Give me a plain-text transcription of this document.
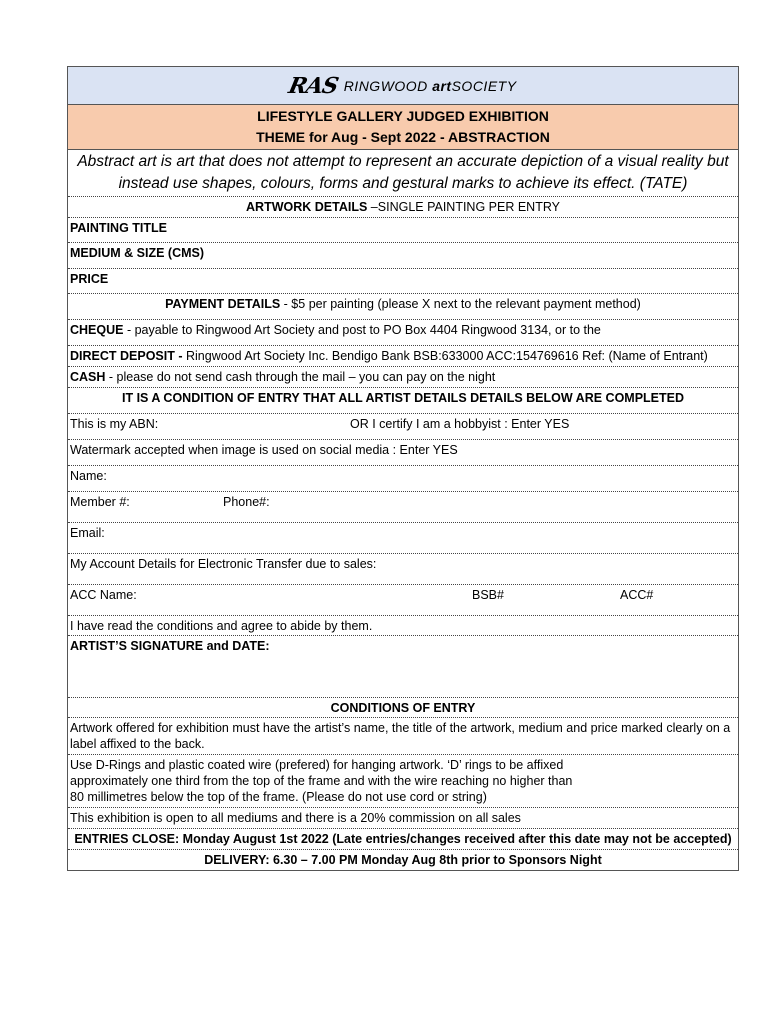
RAS RINGWOOD artSOCIETY
LIFESTYLE GALLERY JUDGED EXHIBITION
THEME for Aug - Sept 2022 - ABSTRACTION
Abstract art is art that does not attempt to represent an accurate depiction of a visual reality but instead use shapes, colours, forms and gestural marks to achieve its effect. (TATE)
ARTWORK DETAILS –SINGLE PAINTING PER ENTRY
PAINTING TITLE
MEDIUM & SIZE (CMS)
PRICE
PAYMENT DETAILS - $5 per painting (please X next to the relevant payment method)
CHEQUE - payable to Ringwood Art Society and post to PO Box 4404 Ringwood 3134, or to the
DIRECT DEPOSIT - Ringwood Art Society Inc. Bendigo Bank BSB:633000 ACC:154769616 Ref: (Name of Entrant)
CASH - please do not send cash through the mail – you can pay on the night
IT IS A CONDITION OF ENTRY THAT ALL ARTIST DETAILS DETAILS BELOW ARE COMPLETED
This is my ABN:	OR I certify I am a hobbyist : Enter YES
Watermark accepted when image is used on social media : Enter YES
Name:
Member #:	Phone#:
Email:
My Account Details for Electronic Transfer due to sales:
ACC Name:	BSB#	ACC#
I have read the conditions and agree to abide by them.
ARTIST’S SIGNATURE and DATE:
CONDITIONS OF ENTRY
Artwork offered for exhibition must have the artist’s name, the title of the artwork, medium and price marked clearly on a label affixed to the back.
Use D-Rings and plastic coated wire (prefered) for hanging artwork. ‘D’ rings to be affixed
approximately one third from the top of the frame and with the wire reaching no higher than
80 millimetres below the top of the frame. (Please do not use cord or string)
This exhibition is open to all mediums and there is a 20% commission on all sales
ENTRIES CLOSE: Monday August 1st 2022 (Late entries/changes received after this date may not be accepted)
DELIVERY: 6.30 – 7.00 PM Monday Aug 8th prior to Sponsors Night
